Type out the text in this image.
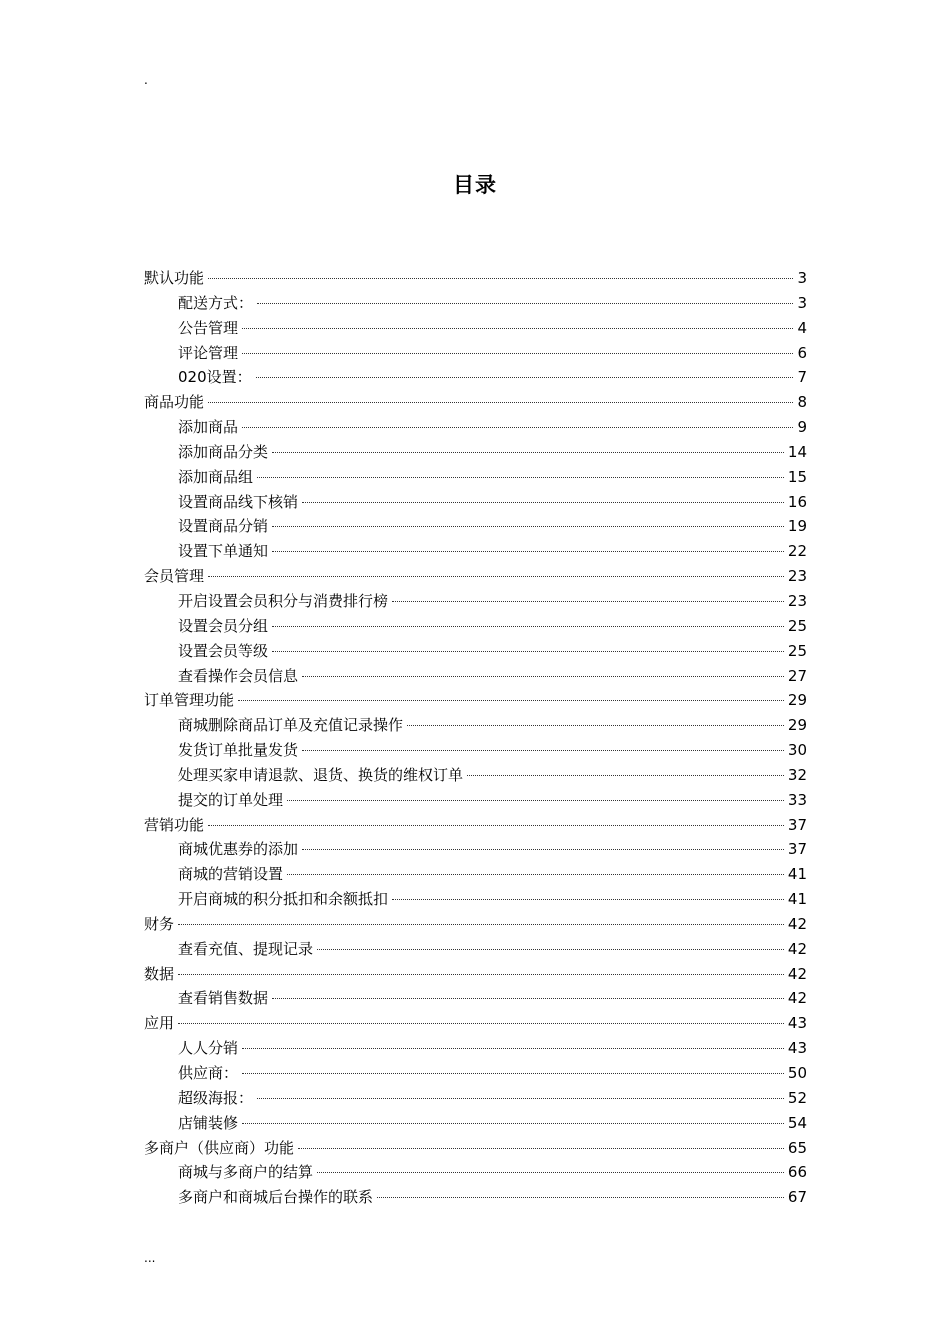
.
目录
默认功能	3
配送方式：	3
公告管理	4
评论管理	6
020设置：	7
商品功能	8
添加商品	9
添加商品分类	14
添加商品组	15
设置商品线下核销	16
设置商品分销	19
设置下单通知	22
会员管理	23
开启设置会员积分与消费排行榜	23
设置会员分组	25
设置会员等级	25
查看操作会员信息	27
订单管理功能	29
商城删除商品订单及充值记录操作	29
发货订单批量发货	30
处理买家申请退款、退货、换货的维权订单	32
提交的订单处理	33
营销功能	37
商城优惠券的添加	37
商城的营销设置	41
开启商城的积分抵扣和余额抵扣	41
财务	42
查看充值、提现记录	42
数据	42
查看销售数据	42
应用	43
人人分销	43
供应商：	50
超级海报：	52
店铺装修	54
多商户（供应商）功能	65
商城与多商户的结算	66
多商户和商城后台操作的联系	67
...
